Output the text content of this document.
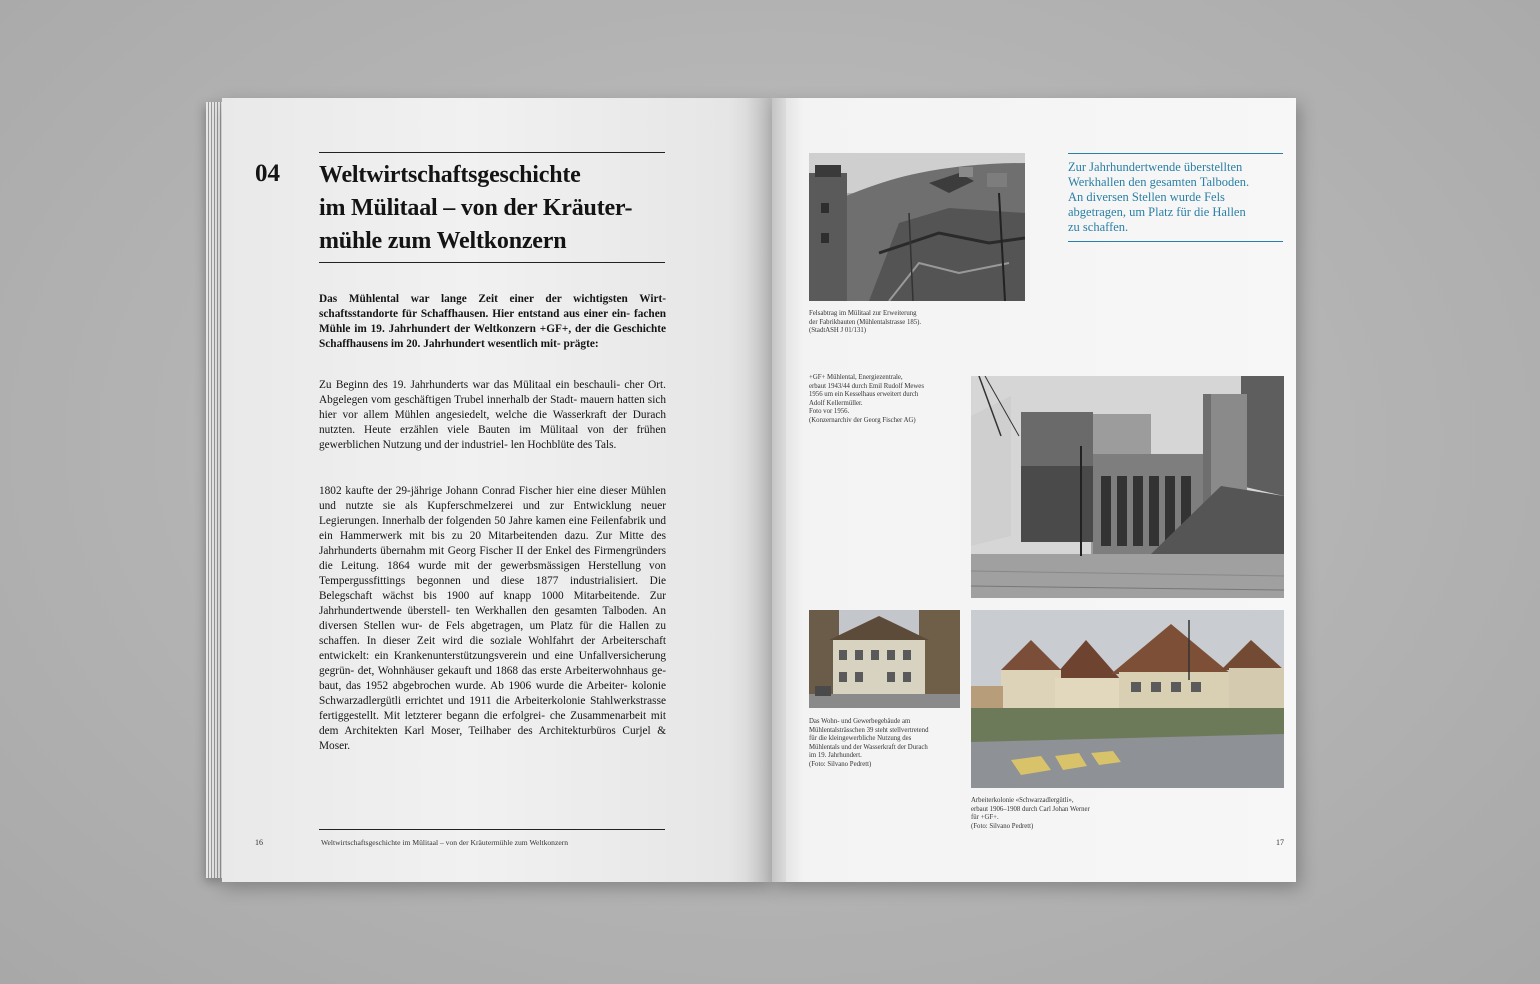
04 Weltwirtschaftsgeschichte
im Mülitaal – von der Kräuter-
mühle zum Weltkonzern

Das Mühlental war lange Zeit einer der wichtigsten Wirt- schaftsstandorte für Schaffhausen. Hier entstand aus einer ein- fachen Mühle im 19. Jahrhundert der Weltkonzern +GF+, der die Geschichte Schaffhausens im 20. Jahrhundert wesentlich mit- prägte:

Zu Beginn des 19. Jahrhunderts war das Mülitaal ein beschauli- cher Ort. Abgelegen vom geschäftigen Trubel innerhalb der Stadt- mauern hatten sich hier vor allem Mühlen angesiedelt, welche die Wasserkraft der Durach nutzten. Heute erzählen viele Bauten im Mülitaal von der frühen gewerblichen Nutzung und der industriel- len Hochblüte des Tals.

1802 kaufte der 29-jährige Johann Conrad Fischer hier eine dieser Mühlen und nutzte sie als Kupferschmelzerei und zur Entwicklung neuer Legierungen. Innerhalb der folgenden 50 Jahre kamen eine Feilenfabrik und ein Hammerwerk mit bis zu 20 Mitarbeitenden dazu. Zur Mitte des Jahrhunderts übernahm mit Georg Fischer II der Enkel des Firmengründers die Leitung. 1864 wurde mit der gewerbsmässigen Herstellung von Tempergussfittings begonnen und diese 1877 industrialisiert. Die Belegschaft wächst bis 1900 auf knapp 1000 Mitarbeitende. Zur Jahrhundertwende überstell- ten Werkhallen den gesamten Talboden. An diversen Stellen wur- de Fels abgetragen, um Platz für die Hallen zu schaffen. In dieser Zeit wird die soziale Wohlfahrt der Arbeiterschaft entwickelt: ein Krankenunterstützungsverein und eine Unfallversicherung gegrün- det, Wohnhäuser gekauft und 1868 das erste Arbeiterwohnhaus ge- baut, das 1952 abgebrochen wurde. Ab 1906 wurde die Arbeiter- kolonie Schwarzadlergütli errichtet und 1911 die Arbeiterkolonie Stahlwerkstrasse fertiggestellt. Mit letzterer begann die erfolgrei- che Zusammenarbeit mit dem Architekten Karl Moser, Teilhaber des Architekturbüros Curjel & Moser.

16	Weltwirtschaftsgeschichte im Mülitaal – von der Kräutermühle zum Weltkonzern

Felsabtrag im Mülitaal zur Erweiterung
der Fabrikbauten (Mühlentalstrasse 185).
(StadtASH J 01/131)

Zur Jahrhundertwende überstellten
Werkhallen den gesamten Talboden.
An diversen Stellen wurde Fels
abgetragen, um Platz für die Hallen
zu schaffen.

+GF+ Mühlental, Energiezentrale,
erbaut 1943/44 durch Emil Rudolf Mewes
1956 um ein Kesselhaus erweitert durch
Adolf Kellermüller.
Foto vor 1956.
(Konzernarchiv der Georg Fischer AG)

Das Wohn- und Gewerbegebäude am
Mühlentalsträsschen 39 steht stellvertretend
für die kleingewerbliche Nutzung des
Mühlentals und der Wasserkraft der Durach
im 19. Jahrhundert.
(Foto: Silvano Pedrett)

Arbeiterkolonie «Schwarzadlergütli»,
erbaut 1906–1908 durch Carl Johan Werner
für +GF+.
(Foto: Silvano Pedrett)

17
